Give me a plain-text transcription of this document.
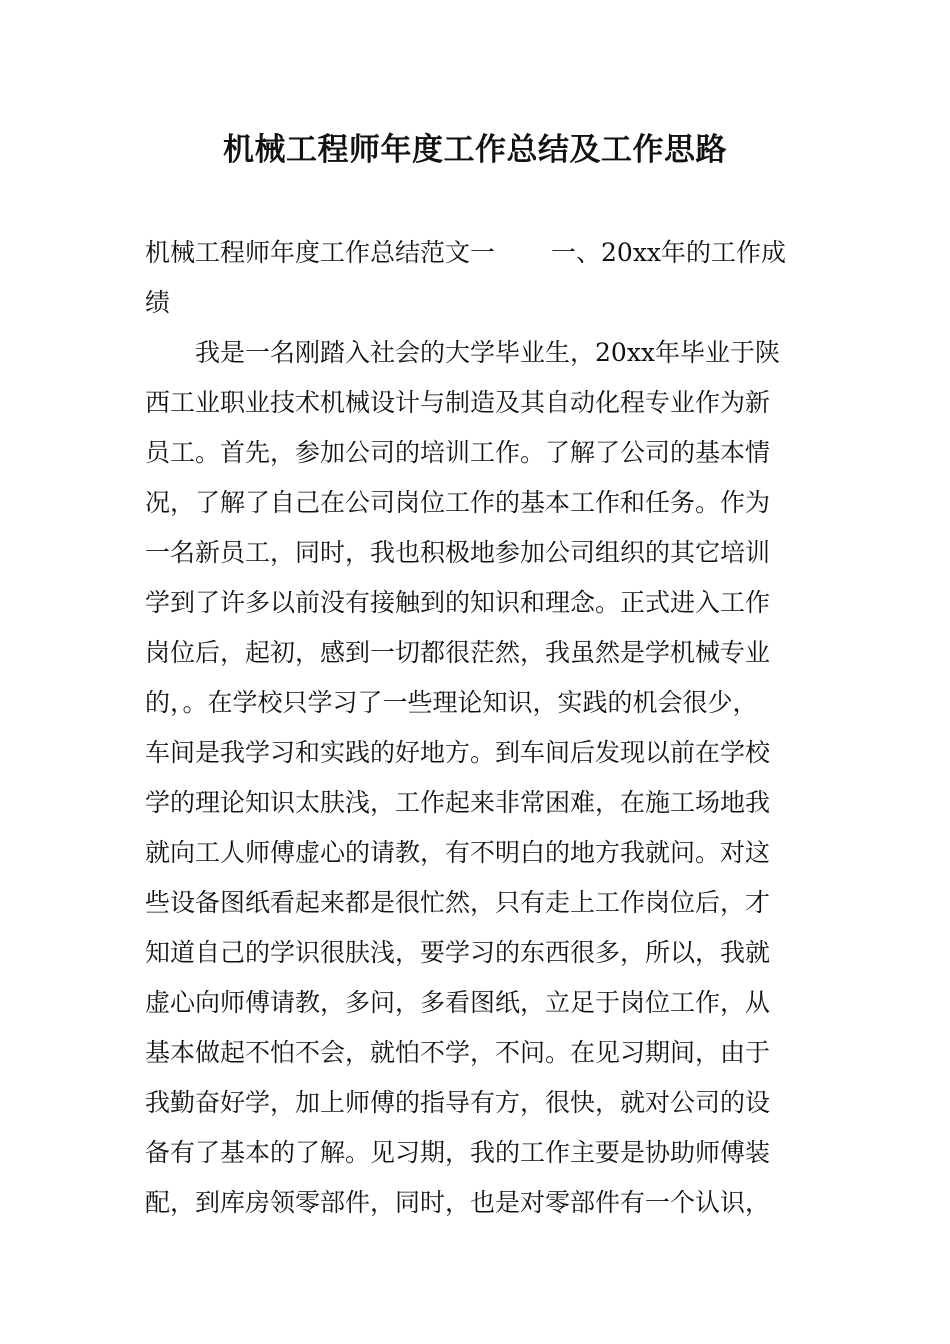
机械工程师年度工作总结及工作思路
机械工程师年度工作总结范文一 一、20xx年的工作成
绩
我是一名刚踏入社会的大学毕业生，20xx年毕业于陕
西工业职业技术机械设计与制造及其自动化程专业作为新
员工。首先，参加公司的培训工作。了解了公司的基本情
况，了解了自己在公司岗位工作的基本工作和任务。作为
一名新员工，同时，我也积极地参加公司组织的其它培训
学到了许多以前没有接触到的知识和理念。正式进入工作
岗位后，起初，感到一切都很茫然，我虽然是学机械专业
的，。在学校只学习了一些理论知识，实践的机会很少，
车间是我学习和实践的好地方。到车间后发现以前在学校
学的理论知识太肤浅，工作起来非常困难，在施工场地我
就向工人师傅虚心的请教，有不明白的地方我就问。对这
些设备图纸看起来都是很忙然，只有走上工作岗位后，才
知道自己的学识很肤浅，要学习的东西很多，所以，我就
虚心向师傅请教，多问，多看图纸，立足于岗位工作，从
基本做起不怕不会，就怕不学，不问。在见习期间，由于
我勤奋好学，加上师傅的指导有方，很快，就对公司的设
备有了基本的了解。见习期，我的工作主要是协助师傅装
配，到库房领零部件，同时，也是对零部件有一个认识，
